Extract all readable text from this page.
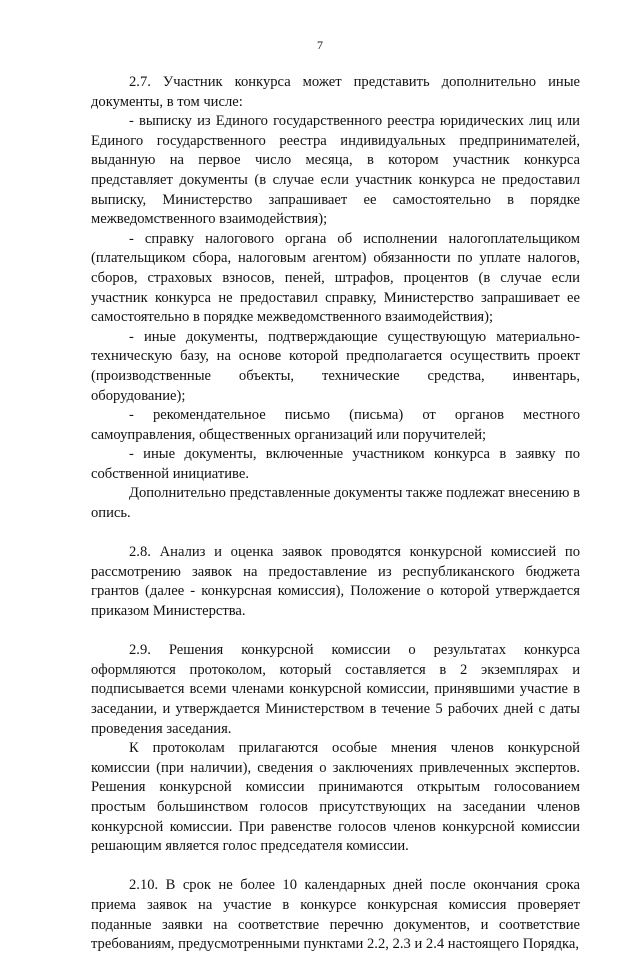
7

2.7. Участник конкурса может представить дополнительно иные документы, в том числе:

- выписку из Единого государственного реестра юридических лиц или Единого государственного реестра индивидуальных предпринимателей, выданную на первое число месяца, в котором участник конкурса представляет документы (в случае если участник конкурса не предоставил выписку, Министерство запрашивает ее самостоятельно в порядке межведомственного взаимодействия);

- справку налогового органа об исполнении налогоплательщиком (плательщиком сбора, налоговым агентом) обязанности по уплате налогов, сборов, страховых взносов, пеней, штрафов, процентов (в случае если участник конкурса не предоставил справку, Министерство запрашивает ее самостоятельно в порядке межведомственного взаимодействия);

- иные документы, подтверждающие существующую материально-техническую базу, на основе которой предполагается осуществить проект (производственные объекты, технические средства, инвентарь, оборудование);

- рекомендательное письмо (письма) от органов местного самоуправления, общественных организаций или поручителей;

- иные документы, включенные участником конкурса в заявку по собственной инициативе.

Дополнительно представленные документы также подлежат внесению в опись.

2.8. Анализ и оценка заявок проводятся конкурсной комиссией по рассмотрению заявок на предоставление из республиканского бюджета грантов (далее - конкурсная комиссия), Положение о которой утверждается приказом Министерства.

2.9. Решения конкурсной комиссии о результатах конкурса оформляются протоколом, который составляется в 2 экземплярах и подписывается всеми членами конкурсной комиссии, принявшими участие в заседании, и утверждается Министерством в течение 5 рабочих дней с даты проведения заседания.

К протоколам прилагаются особые мнения членов конкурсной комиссии (при наличии), сведения о заключениях привлеченных экспертов. Решения конкурсной комиссии принимаются открытым голосованием простым большинством голосов присутствующих на заседании членов конкурсной комиссии. При равенстве голосов членов конкурсной комиссии решающим является голос председателя комиссии.

2.10. В срок не более 10 календарных дней после окончания срока приема заявок на участие в конкурсе конкурсная комиссия проверяет поданные заявки на соответствие перечню документов, и соответствие требованиям, предусмотренными пунктами 2.2, 2.3 и 2.4 настоящего Порядка,
